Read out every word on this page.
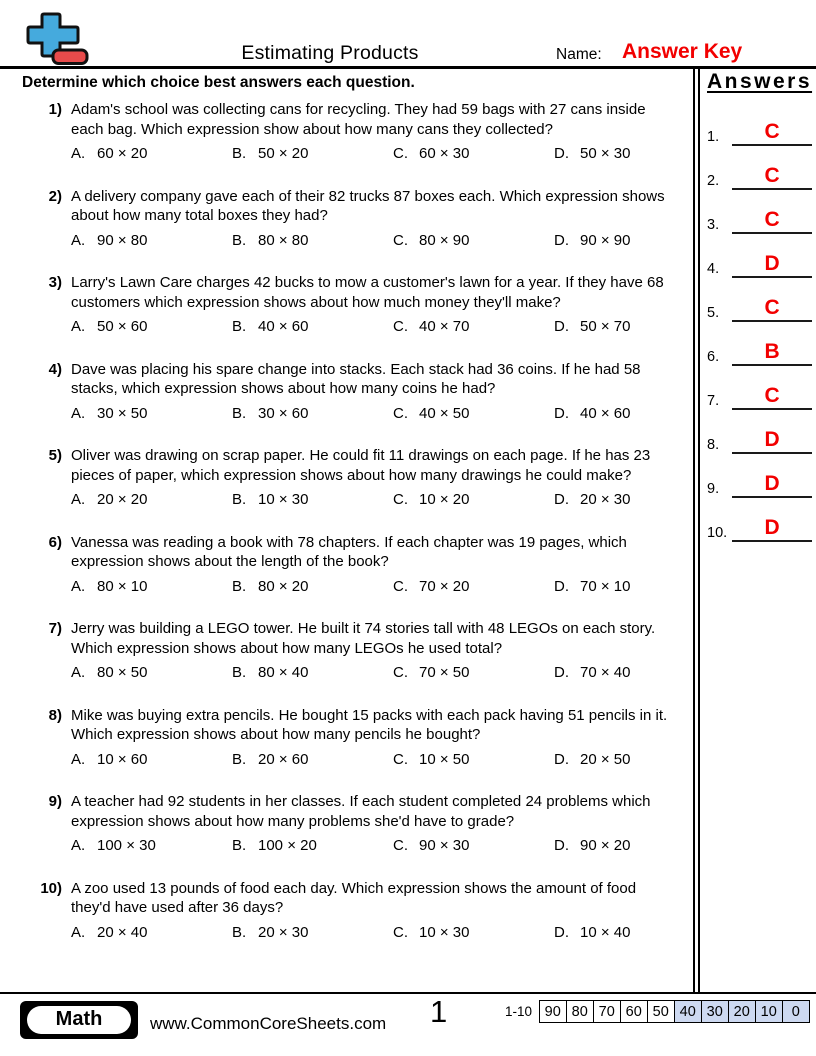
Estimating Products	Name: Answer Key
Determine which choice best answers each question.
1) Adam's school was collecting cans for recycling. They had 59 bags with 27 cans inside each bag. Which expression show about how many cans they collected?
A. 60 × 20	B. 50 × 20	C. 60 × 30	D. 50 × 30
2) A delivery company gave each of their 82 trucks 87 boxes each. Which expression shows about how many total boxes they had?
A. 90 × 80	B. 80 × 80	C. 80 × 90	D. 90 × 90
3) Larry's Lawn Care charges 42 bucks to mow a customer's lawn for a year. If they have 68 customers which expression shows about how much money they'll make?
A. 50 × 60	B. 40 × 60	C. 40 × 70	D. 50 × 70
4) Dave was placing his spare change into stacks. Each stack had 36 coins. If he had 58 stacks, which expression shows about how many coins he had?
A. 30 × 50	B. 30 × 60	C. 40 × 50	D. 40 × 60
5) Oliver was drawing on scrap paper. He could fit 11 drawings on each page. If he has 23 pieces of paper, which expression shows about how many drawings he could make?
A. 20 × 20	B. 10 × 30	C. 10 × 20	D. 20 × 30
6) Vanessa was reading a book with 78 chapters. If each chapter was 19 pages, which expression shows about the length of the book?
A. 80 × 10	B. 80 × 20	C. 70 × 20	D. 70 × 10
7) Jerry was building a LEGO tower. He built it 74 stories tall with 48 LEGOs on each story. Which expression shows about how many LEGOs he used total?
A. 80 × 50	B. 80 × 40	C. 70 × 50	D. 70 × 40
8) Mike was buying extra pencils. He bought 15 packs with each pack having 51 pencils in it. Which expression shows about how many pencils he bought?
A. 10 × 60	B. 20 × 60	C. 10 × 50	D. 20 × 50
9) A teacher had 92 students in her classes. If each student completed 24 problems which expression shows about how many problems she'd have to grade?
A. 100 × 30	B. 100 × 20	C. 90 × 30	D. 90 × 20
10) A zoo used 13 pounds of food each day. Which expression shows the amount of food they'd have used after 36 days?
A. 20 × 40	B. 20 × 30	C. 10 × 30	D. 10 × 40
Answers
1.	C
2.	C
3.	C
4.	D
5.	C
6.	B
7.	C
8.	D
9.	D
10.	D
Math	www.CommonCoreSheets.com 1	1-10 90 80 70 60 50 40 30 20 10	0
